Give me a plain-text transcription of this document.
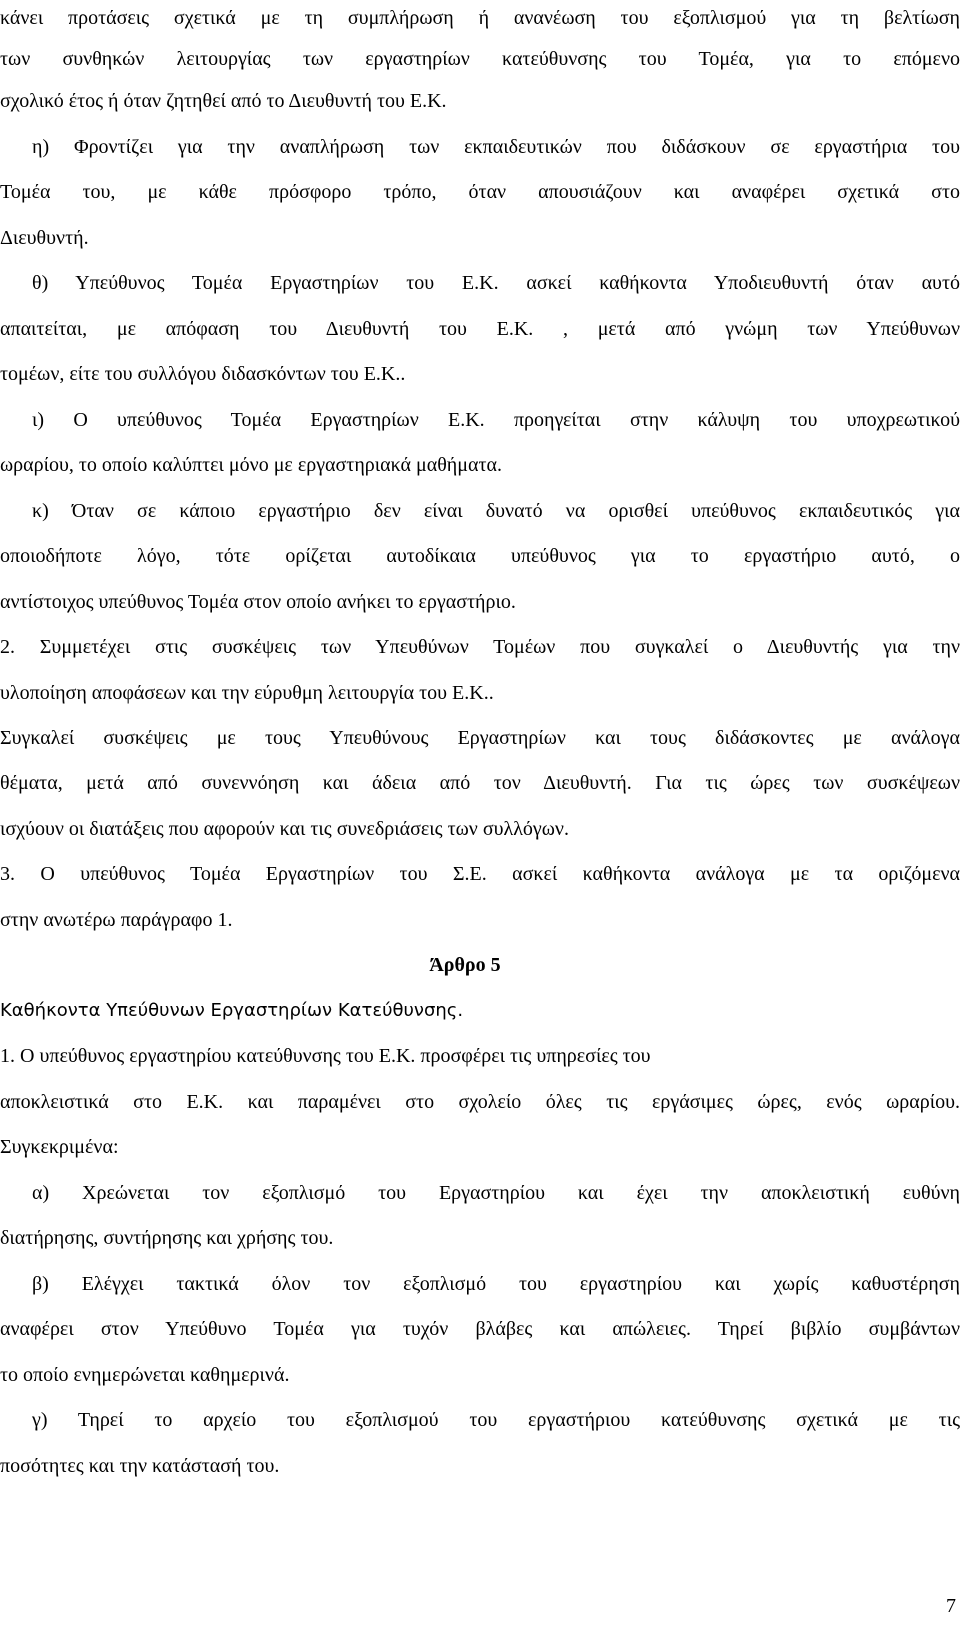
κάνει προτάσεις σχετικά με τη συμπλήρωση ή ανανέωση του εξοπλισμού για τη βελτίωση
των συνθηκών λειτουργίας των εργαστηρίων κατεύθυνσης του Τομέα, για το επόμενο
σχολικό έτος ή όταν ζητηθεί από το Διευθυντή του Ε.Κ.
η) Φροντίζει για την αναπλήρωση των εκπαιδευτικών που διδάσκουν σε εργαστήρια του
Τομέα του, με κάθε πρόσφορο τρόπο, όταν απουσιάζουν και αναφέρει σχετικά στο
Διευθυντή.
θ) Υπεύθυνος Τομέα Εργαστηρίων του Ε.Κ. ασκεί καθήκοντα Υποδιευθυντή όταν αυτό
απαιτείται, με απόφαση του Διευθυντή του Ε.Κ. , μετά από γνώμη των Υπεύθυνων
τομέων, είτε του συλλόγου διδασκόντων του Ε.Κ..
ι) Ο υπεύθυνος Τομέα Εργαστηρίων Ε.Κ. προηγείται στην κάλυψη του υποχρεωτικού
ωραρίου, το οποίο καλύπτει μόνο με εργαστηριακά μαθήματα.
κ) Όταν σε κάποιο εργαστήριο δεν είναι δυνατό να ορισθεί υπεύθυνος εκπαιδευτικός για
οποιοδήποτε λόγο, τότε ορίζεται αυτοδίκαια υπεύθυνος για το εργαστήριο αυτό, ο
αντίστοιχος υπεύθυνος Τομέα στον οποίο ανήκει το εργαστήριο.
2. Συμμετέχει στις συσκέψεις των Υπευθύνων Τομέων που συγκαλεί ο Διευθυντής για την
υλοποίηση αποφάσεων και την εύρυθμη λειτουργία του Ε.Κ..
Συγκαλεί συσκέψεις με τους Υπευθύνους Εργαστηρίων και τους διδάσκοντες με ανάλογα
θέματα, μετά από συνεννόηση και άδεια από τον Διευθυντή. Για τις ώρες των συσκέψεων
ισχύουν οι διατάξεις που αφορούν και τις συνεδριάσεις των συλλόγων.
3. Ο υπεύθυνος Τομέα Εργαστηρίων του Σ.Ε. ασκεί καθήκοντα ανάλογα με τα οριζόμενα
στην ανωτέρω παράγραφο 1.
Άρθρο 5
Καθήκοντα Υπεύθυνων Εργαστηρίων Κατεύθυνσης.
1. Ο υπεύθυνος εργαστηρίου κατεύθυνσης του Ε.Κ. προσφέρει τις υπηρεσίες του
αποκλειστικά στο Ε.Κ. και παραμένει στο σχολείο όλες τις εργάσιμες ώρες, ενός ωραρίου.
Συγκεκριμένα:
α) Χρεώνεται τον εξοπλισμό του Εργαστηρίου και έχει την αποκλειστική ευθύνη
διατήρησης, συντήρησης και χρήσης του.
β) Ελέγχει τακτικά όλον τον εξοπλισμό του εργαστηρίου και χωρίς καθυστέρηση
αναφέρει στον Υπεύθυνο Τομέα για τυχόν βλάβες και απώλειες. Τηρεί βιβλίο συμβάντων
το οποίο ενημερώνεται καθημερινά.
γ) Τηρεί το αρχείο του εξοπλισμού του εργαστήριου κατεύθυνσης σχετικά με τις
ποσότητες και την κατάστασή του.
7
